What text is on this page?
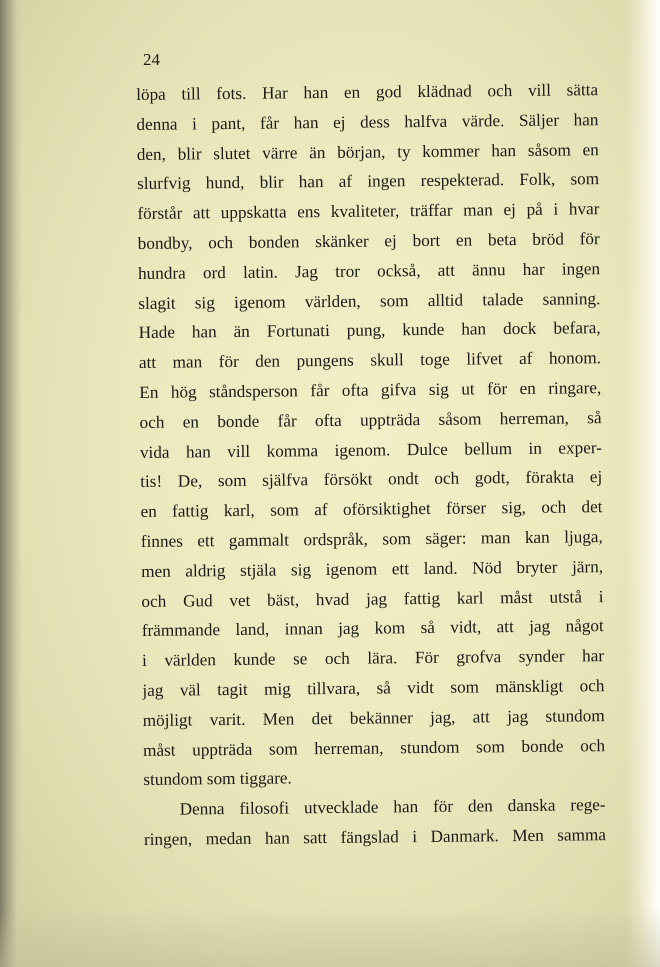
24

löpa till fots. Har han en god klädnad och vill sätta
denna i pant, får han ej dess halfva värde. Säljer han
den, blir slutet värre än början, ty kommer han såsom en
slurfvig hund, blir han af ingen respekterad. Folk, som
förstår att uppskatta ens kvaliteter, träffar man ej på i hvar
bondby, och bonden skänker ej bort en beta bröd för
hundra ord latin. Jag tror också, att ännu har ingen
slagit sig igenom världen, som alltid talade sanning.
Hade han än Fortunati pung, kunde han dock befara,
att man för den pungens skull toge lifvet af honom.
En hög ståndsperson får ofta gifva sig ut för en ringare,
och en bonde får ofta uppträda såsom herreman, så
vida han vill komma igenom. Dulce bellum in exper-
tis! De, som själfva försökt ondt och godt, förakta ej
en fattig karl, som af oförsiktighet förser sig, och det
finnes ett gammalt ordspråk, som säger: man kan ljuga,
men aldrig stjäla sig igenom ett land. Nöd bryter järn,
och Gud vet bäst, hvad jag fattig karl måst utstå i
främmande land, innan jag kom så vidt, att jag något
i världen kunde se och lära. För grofva synder har
jag väl tagit mig tillvara, så vidt som mänskligt och
möjligt varit. Men det bekänner jag, att jag stundom
måst uppträda som herreman, stundom som bonde och
stundom som tiggare.
Denna filosofi utvecklade han för den danska rege-
ringen, medan han satt fängslad i Danmark. Men samma
